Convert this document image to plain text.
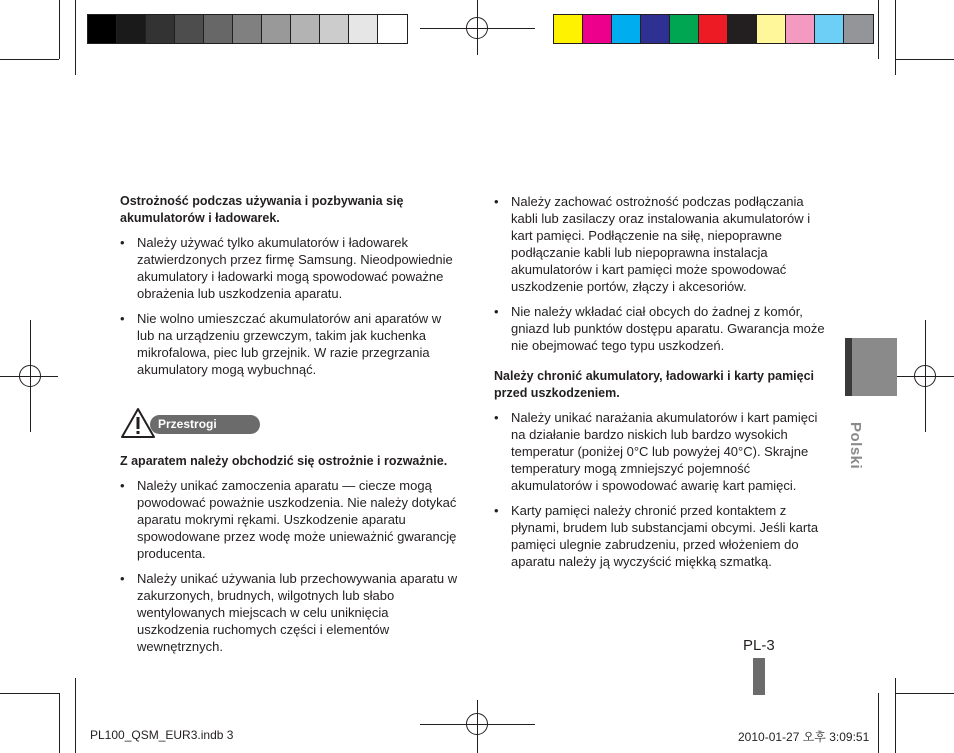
Ostrożność podczas używania i pozbywania się akumulatorów i ładowarek.
• Należy używać tylko akumulatorów i ładowarek zatwierdzonych przez firmę Samsung. Nieodpowiednie akumulatory i ładowarki mogą spowodować poważne obrażenia lub uszkodzenia aparatu.
• Nie wolno umieszczać akumulatorów ani aparatów w lub na urządzeniu grzewczym, takim jak kuchenka mikrofalowa, piec lub grzejnik. W razie przegrzania akumulatory mogą wybuchnąć.
Przestrogi
Z aparatem należy obchodzić się ostrożnie i rozważnie.
• Należy unikać zamoczenia aparatu — ciecze mogą powodować poważnie uszkodzenia. Nie należy dotykać aparatu mokrymi rękami. Uszkodzenie aparatu spowodowane przez wodę może unieważnić gwarancję producenta.
• Należy unikać używania lub przechowywania aparatu w zakurzonych, brudnych, wilgotnych lub słabo wentylowanych miejscach w celu uniknięcia uszkodzenia ruchomych części i elementów wewnętrznych.
• Należy zachować ostrożność podczas podłączania kabli lub zasilaczy oraz instalowania akumulatorów i kart pamięci. Podłączenie na siłę, niepoprawne podłączanie kabli lub niepoprawna instalacja akumulatorów i kart pamięci może spowodować uszkodzenie portów, złączy i akcesoriów.
• Nie należy wkładać ciał obcych do żadnej z komór, gniazd lub punktów dostępu aparatu. Gwarancja może nie obejmować tego typu uszkodzeń.
Należy chronić akumulatory, ładowarki i karty pamięci przed uszkodzeniem.
• Należy unikać narażania akumulatorów i kart pamięci na działanie bardzo niskich lub bardzo wysokich temperatur (poniżej 0°C lub powyżej 40°C). Skrajne temperatury mogą zmniejszyć pojemność akumulatorów i spowodować awarię kart pamięci.
• Karty pamięci należy chronić przed kontaktem z płynami, brudem lub substancjami obcymi. Jeśli karta pamięci ulegnie zabrudzeniu, przed włożeniem do aparatu należy ją wyczyścić miękką szmatką.
Polski
PL-3
PL100_QSM_EUR3.indb 3	2010-01-27 오후 3:09:51
